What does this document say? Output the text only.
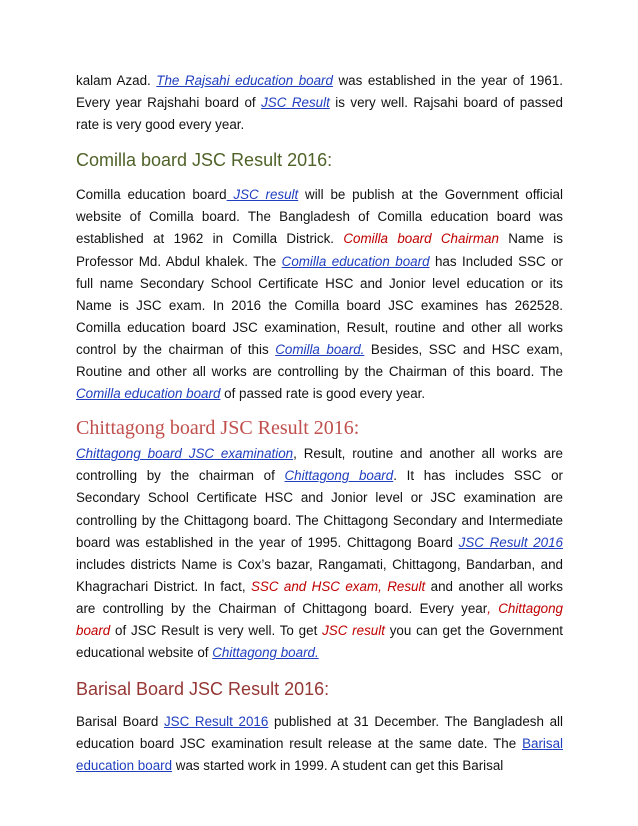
kalam Azad. The Rajsahi education board was established in the year of 1961. Every year Rajshahi board of JSC Result is very well. Rajsahi board of passed rate is very good every year.

Comilla board JSC Result 2016:

Comilla education board JSC result will be publish at the Government official website of Comilla board. The Bangladesh of Comilla education board was established at 1962 in Comilla Districk. Comilla board Chairman Name is Professor Md. Abdul khalek. The Comilla education board has Included SSC or full name Secondary School Certificate HSC and Jonior level education or its Name is JSC exam. In 2016 the Comilla board JSC examines has 262528. Comilla education board JSC examination, Result, routine and other all works control by the chairman of this Comilla board. Besides, SSC and HSC exam, Routine and other all works are controlling by the Chairman of this board. The Comilla education board of passed rate is good every year.

Chittagong board JSC Result 2016:

Chittagong board JSC examination, Result, routine and another all works are controlling by the chairman of Chittagong board. It has includes SSC or Secondary School Certificate HSC and Jonior level or JSC examination are controlling by the Chittagong board. The Chittagong Secondary and Intermediate board was established in the year of 1995. Chittagong Board JSC Result 2016 includes districts Name is Cox’s bazar, Rangamati, Chittagong, Bandarban, and Khagrachari District. In fact, SSC and HSC exam, Result and another all works are controlling by the Chairman of Chittagong board. Every year, Chittagong board of JSC Result is very well. To get JSC result you can get the Government educational website of Chittagong board.

Barisal Board JSC Result 2016:

Barisal Board JSC Result 2016 published at 31 December. The Bangladesh all education board JSC examination result release at the same date. The Barisal education board was started work in 1999. A student can get this Barisal
